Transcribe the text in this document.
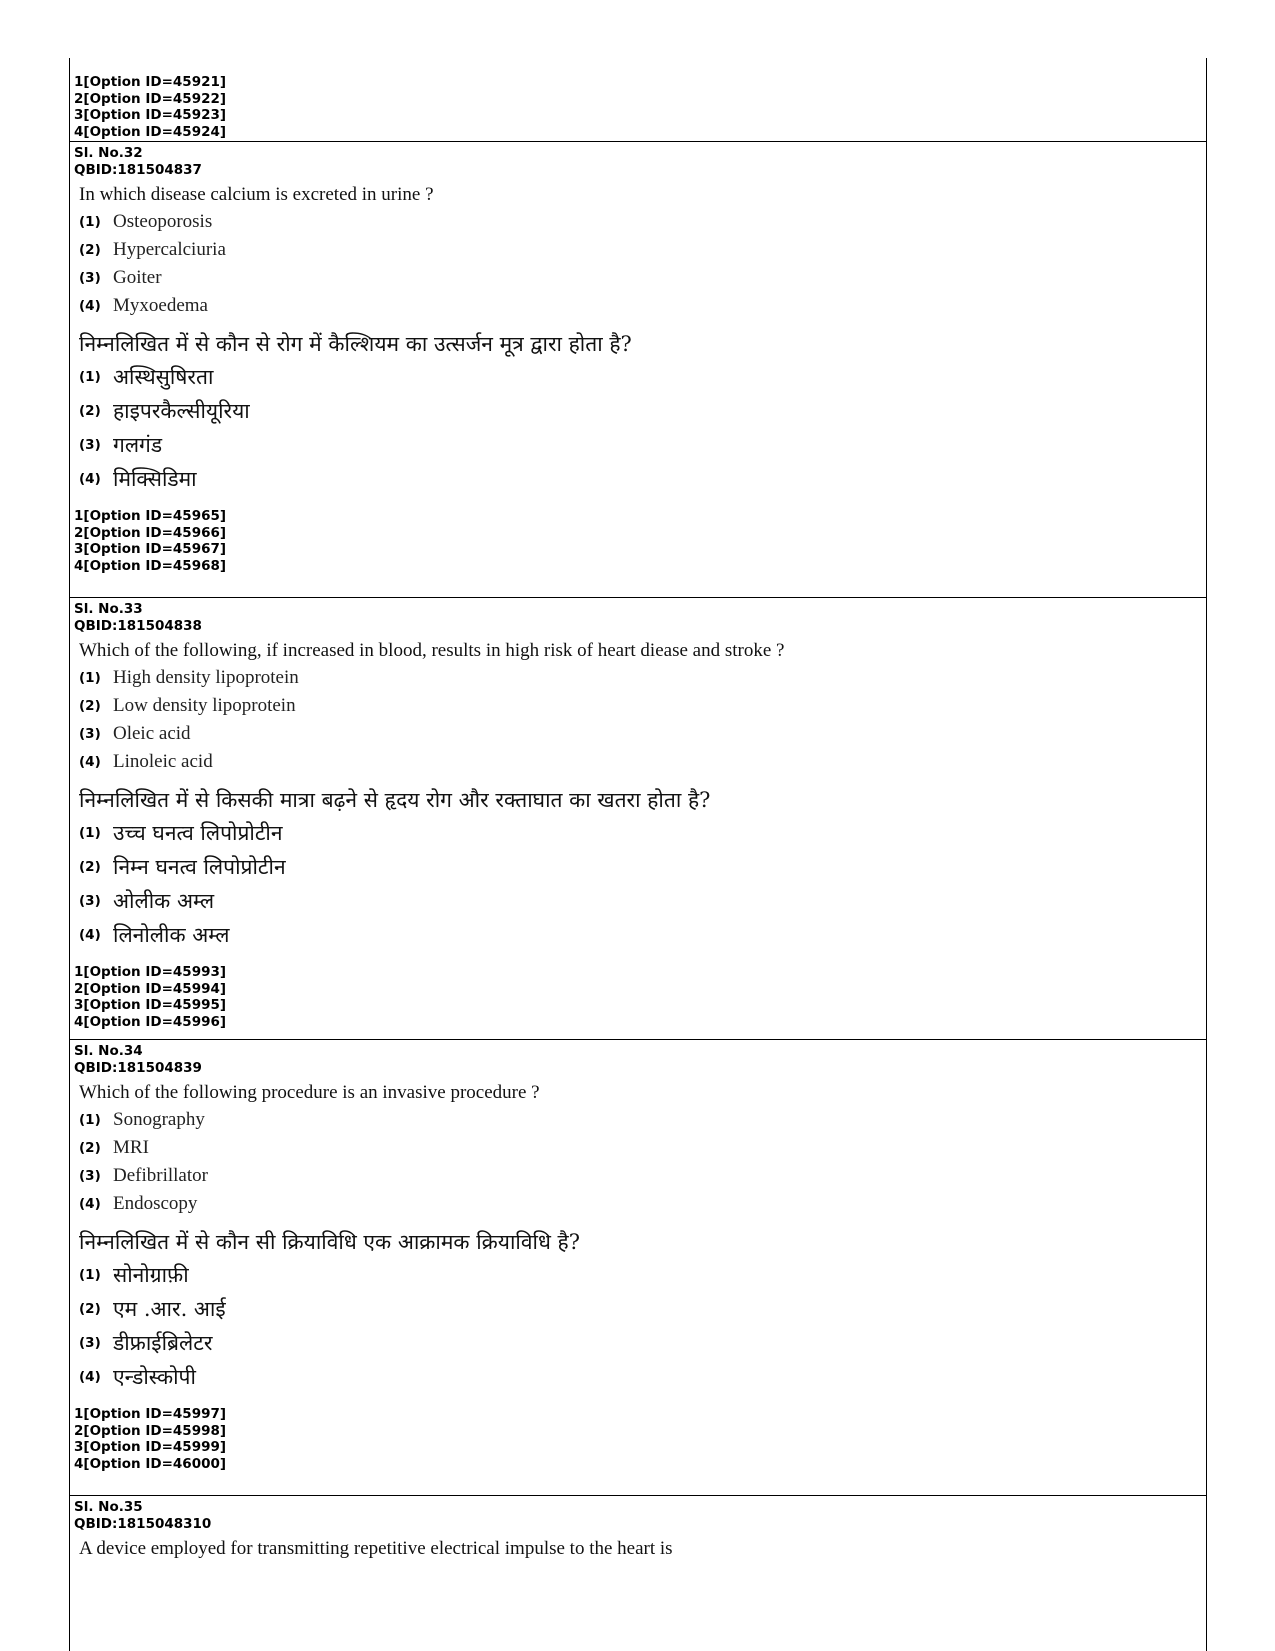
1[Option ID=45921]
2[Option ID=45922]
3[Option ID=45923]
4[Option ID=45924]
Sl. No.32
QBID:181504837
In which disease calcium is excreted in urine ?
(1) Osteoporosis
(2) Hypercalciuria
(3) Goiter
(4) Myxoedema
निम्नलिखित में से कौन से रोग में कैल्शियम का उत्सर्जन मूत्र द्वारा होता है?
(1) अस्थिसुषिरता
(2) हाइपरकैल्सीयूरिया
(3) गलगंड
(4) मिक्सिडिमा
1[Option ID=45965]
2[Option ID=45966]
3[Option ID=45967]
4[Option ID=45968]
Sl. No.33
QBID:181504838
Which of the following, if increased in blood, results in high risk of heart diease and stroke ?
(1) High density lipoprotein
(2) Low density lipoprotein
(3) Oleic acid
(4) Linoleic acid
निम्नलिखित में से किसकी मात्रा बढ़ने से हृदय रोग और रक्ताघात का खतरा होता है?
(1) उच्च घनत्व लिपोप्रोटीन
(2) निम्न घनत्व लिपोप्रोटीन
(3) ओलीक अम्ल
(4) लिनोलीक अम्ल
1[Option ID=45993]
2[Option ID=45994]
3[Option ID=45995]
4[Option ID=45996]
Sl. No.34
QBID:181504839
Which of the following procedure is an invasive procedure ?
(1) Sonography
(2) MRI
(3) Defibrillator
(4) Endoscopy
निम्नलिखित में से कौन सी क्रियाविधि एक आक्रामक क्रियाविधि है?
(1) सोनोग्राफ़ी
(2) एम .आर. आई
(3) डीफ्राईब्रिलेटर
(4) एन्डोस्कोपी
1[Option ID=45997]
2[Option ID=45998]
3[Option ID=45999]
4[Option ID=46000]
Sl. No.35
QBID:1815048310
A device employed for transmitting repetitive electrical impulse to the heart is
